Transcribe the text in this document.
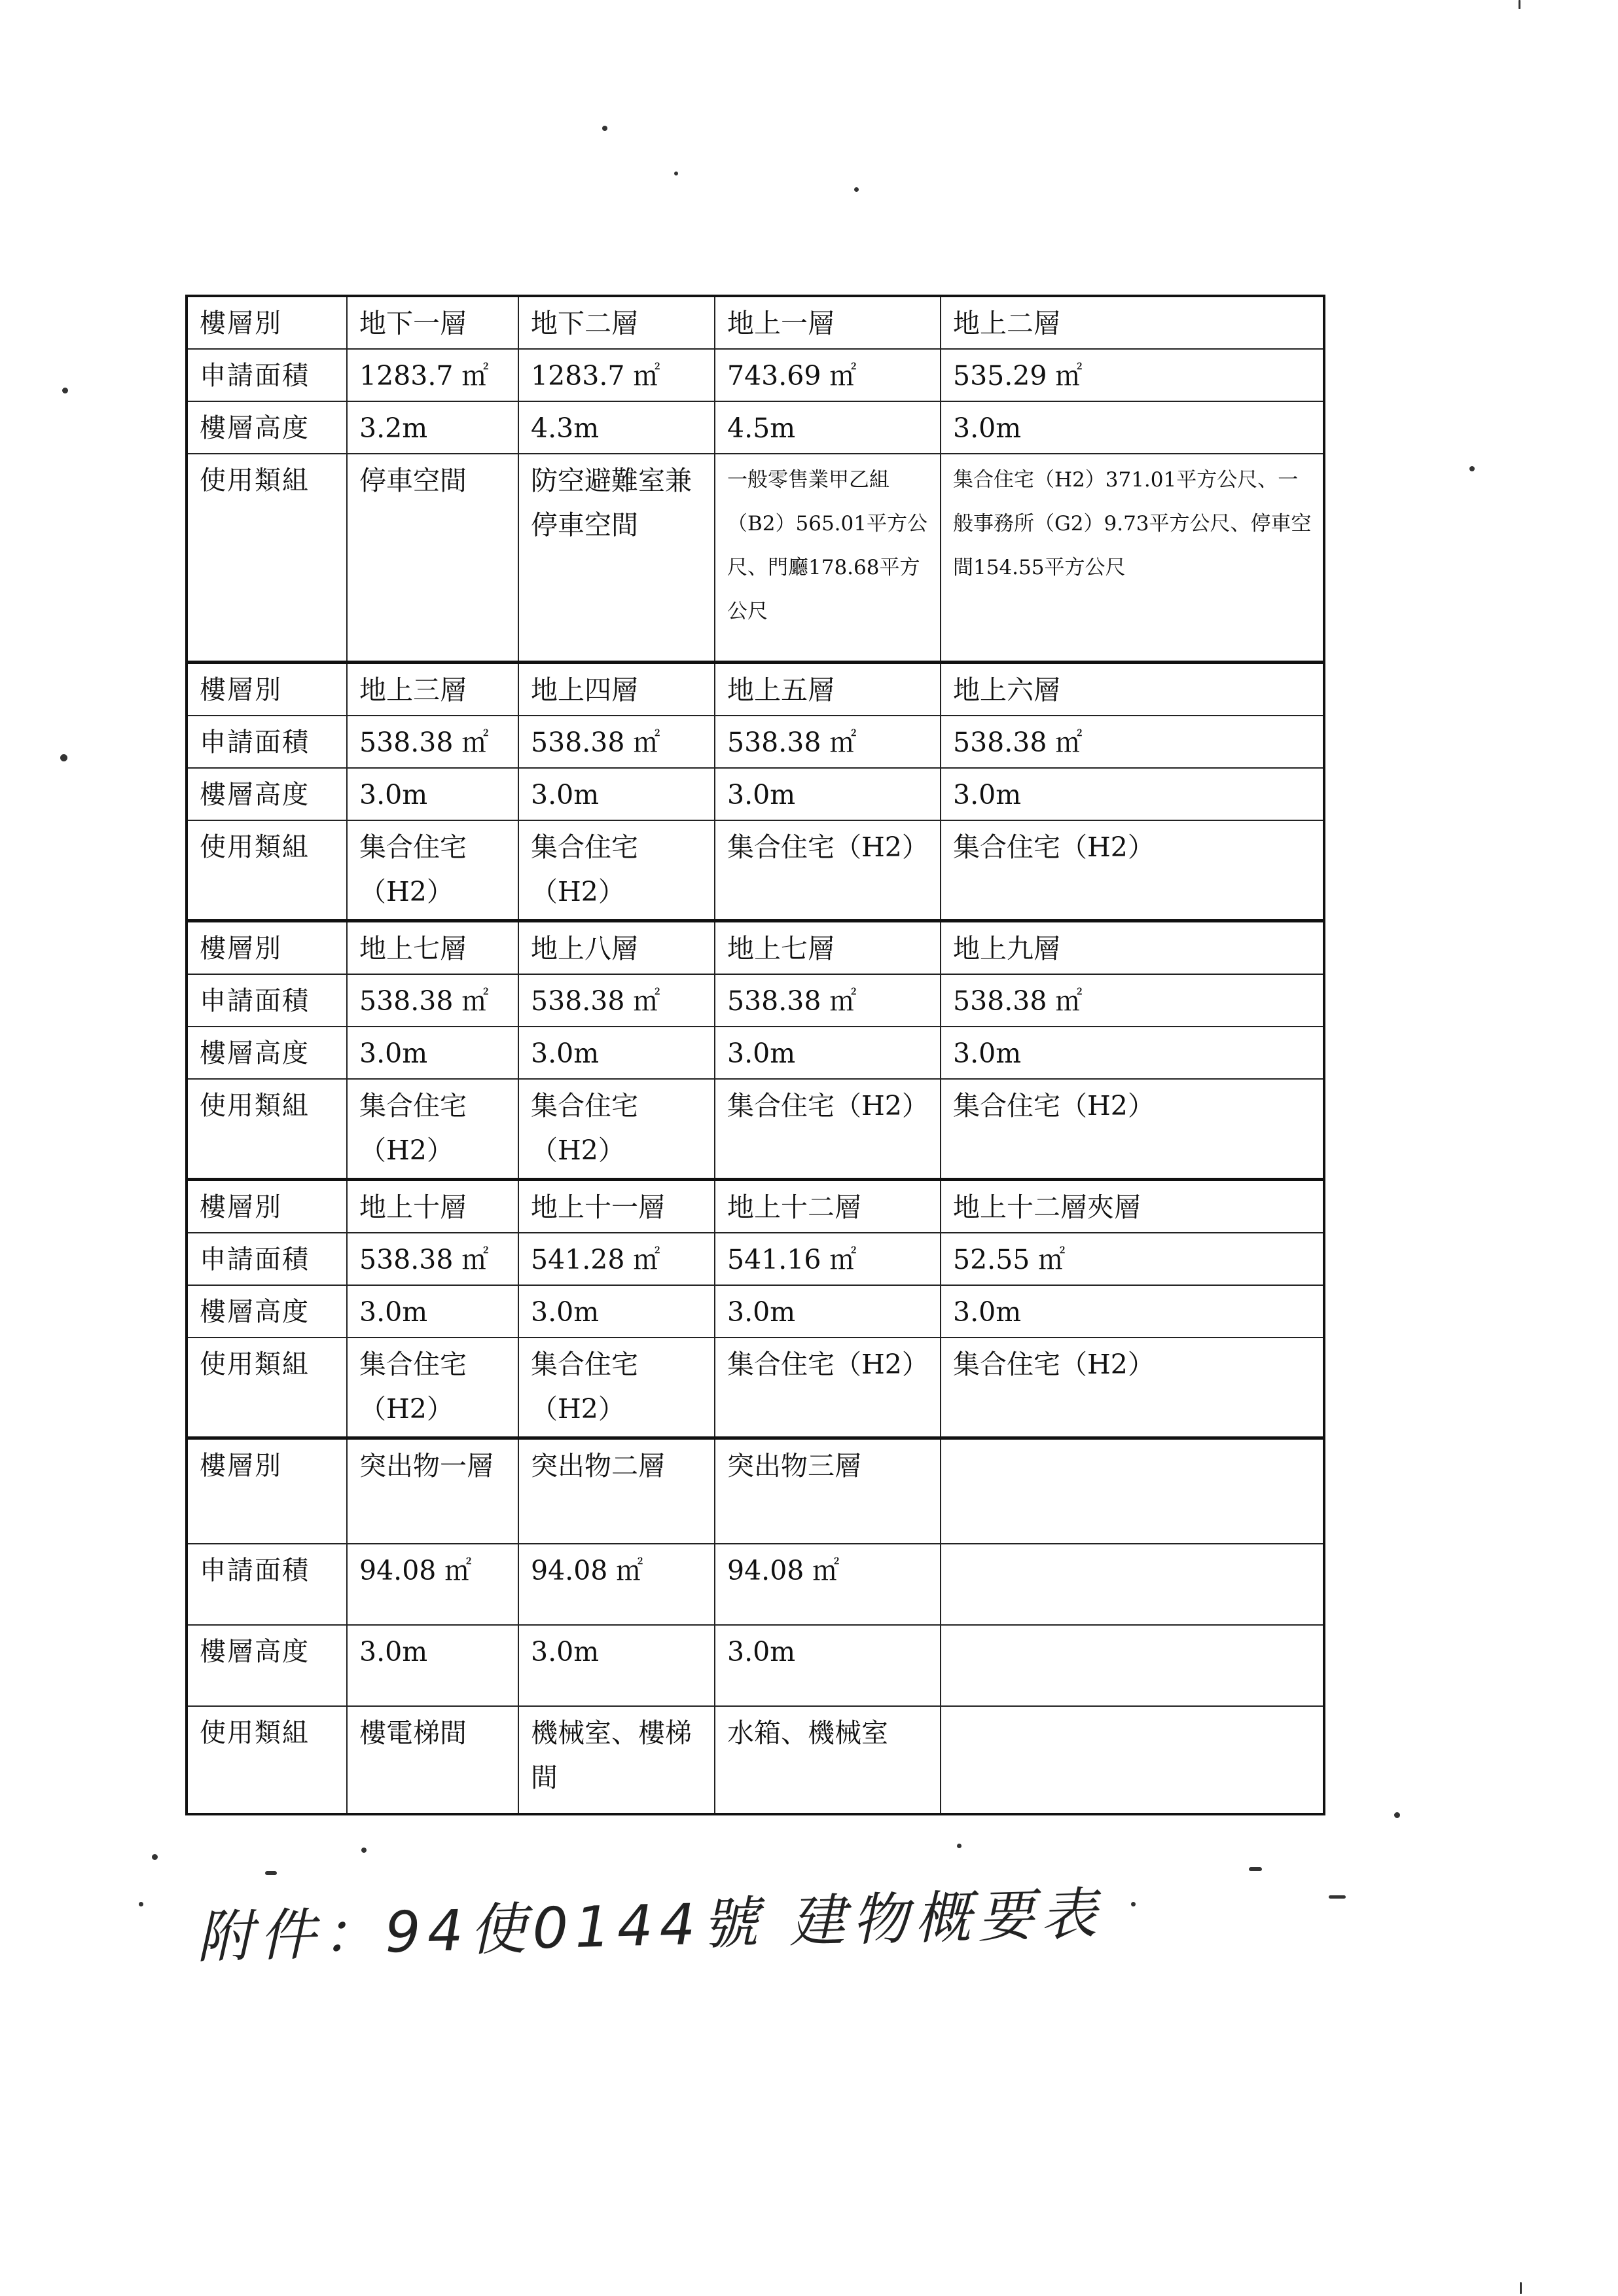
樓層別	地下一層	地下二層	地上一層	地上二層
申請面積	1283.7 ㎡	1283.7 ㎡	743.69 ㎡	535.29 ㎡
樓層高度	3.2m	4.3m	4.5m	3.0m
使用類組	停車空間	防空避難室兼停車空間	一般零售業甲乙組（B2）565.01平方公尺、門廳178.68平方公尺	集合住宅（H2）371.01平方公尺、一般事務所（G2）9.73平方公尺、停車空間154.55平方公尺
樓層別	地上三層	地上四層	地上五層	地上六層
申請面積	538.38 ㎡	538.38 ㎡	538.38 ㎡	538.38 ㎡
樓層高度	3.0m	3.0m	3.0m	3.0m
使用類組	集合住宅（H2）	集合住宅（H2）	集合住宅（H2）	集合住宅（H2）
樓層別	地上七層	地上八層	地上七層	地上九層
申請面積	538.38 ㎡	538.38 ㎡	538.38 ㎡	538.38 ㎡
樓層高度	3.0m	3.0m	3.0m	3.0m
使用類組	集合住宅（H2）	集合住宅（H2）	集合住宅（H2）	集合住宅（H2）
樓層別	地上十層	地上十一層	地上十二層	地上十二層夾層
申請面積	538.38 ㎡	541.28 ㎡	541.16 ㎡	52.55 ㎡
樓層高度	3.0m	3.0m	3.0m	3.0m
使用類組	集合住宅（H2）	集合住宅（H2）	集合住宅（H2）	集合住宅（H2）
樓層別	突出物一層	突出物二層	突出物三層	
申請面積	94.08 ㎡	94.08 ㎡	94.08 ㎡	
樓層高度	3.0m	3.0m	3.0m	
使用類組	樓電梯間	機械室、樓梯間	水箱、機械室	
附件：94使0144號 建物概要表
